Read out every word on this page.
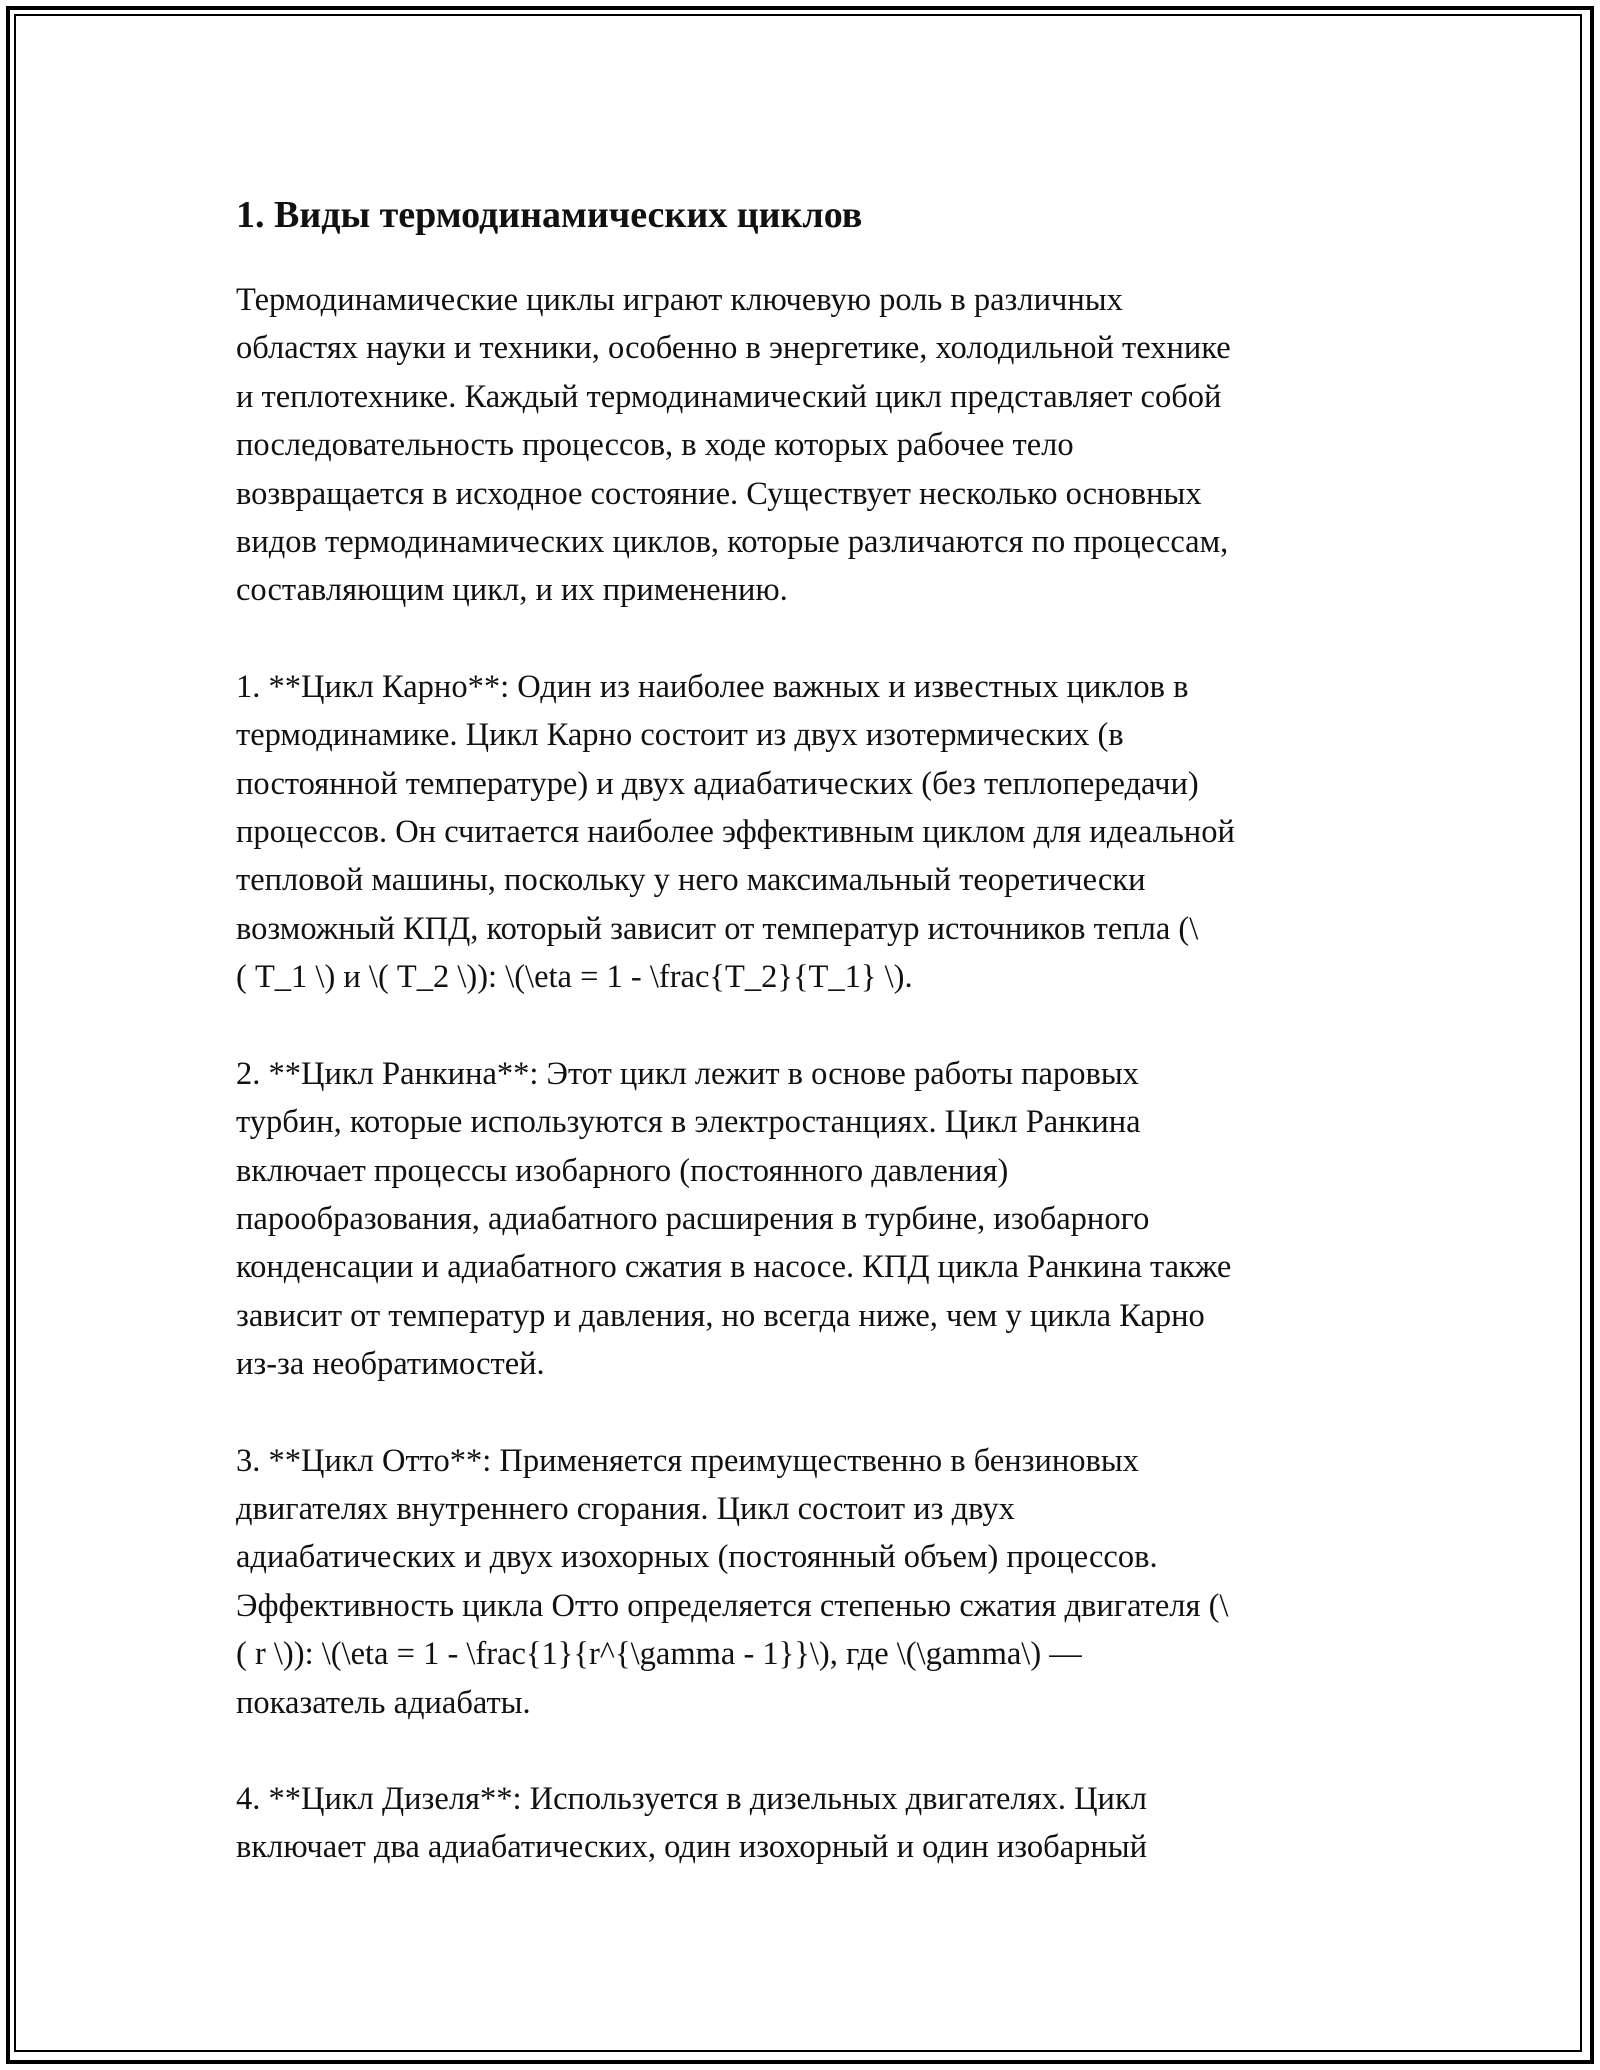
1. Виды термодинамических циклов

Термодинамические циклы играют ключевую роль в различных
областях науки и техники, особенно в энергетике, холодильной технике
и теплотехнике. Каждый термодинамический цикл представляет собой
последовательность процессов, в ходе которых рабочее тело
возвращается в исходное состояние. Существует несколько основных
видов термодинамических циклов, которые различаются по процессам,
составляющим цикл, и их применению.

1. **Цикл Карно**: Один из наиболее важных и известных циклов в
термодинамике. Цикл Карно состоит из двух изотермических (в
постоянной температуре) и двух адиабатических (без теплопередачи)
процессов. Он считается наиболее эффективным циклом для идеальной
тепловой машины, поскольку у него максимальный теоретически
возможный КПД, который зависит от температур источников тепла (\
( T_1 \) и \( T_2 \)): \(\eta = 1 - \frac{T_2}{T_1} \).

2. **Цикл Ранкина**: Этот цикл лежит в основе работы паровых
турбин, которые используются в электростанциях. Цикл Ранкина
включает процессы изобарного (постоянного давления)
парообразования, адиабатного расширения в турбине, изобарного
конденсации и адиабатного сжатия в насосе. КПД цикла Ранкина также
зависит от температур и давления, но всегда ниже, чем у цикла Карно
из-за необратимостей.

3. **Цикл Отто**: Применяется преимущественно в бензиновых
двигателях внутреннего сгорания. Цикл состоит из двух
адиабатических и двух изохорных (постоянный объем) процессов.
Эффективность цикла Отто определяется степенью сжатия двигателя (\
( r \)): \(\eta = 1 - \frac{1}{r^{\gamma - 1}}\), где \(\gamma\) —
показатель адиабаты.

4. **Цикл Дизеля**: Используется в дизельных двигателях. Цикл
включает два адиабатических, один изохорный и один изобарный
